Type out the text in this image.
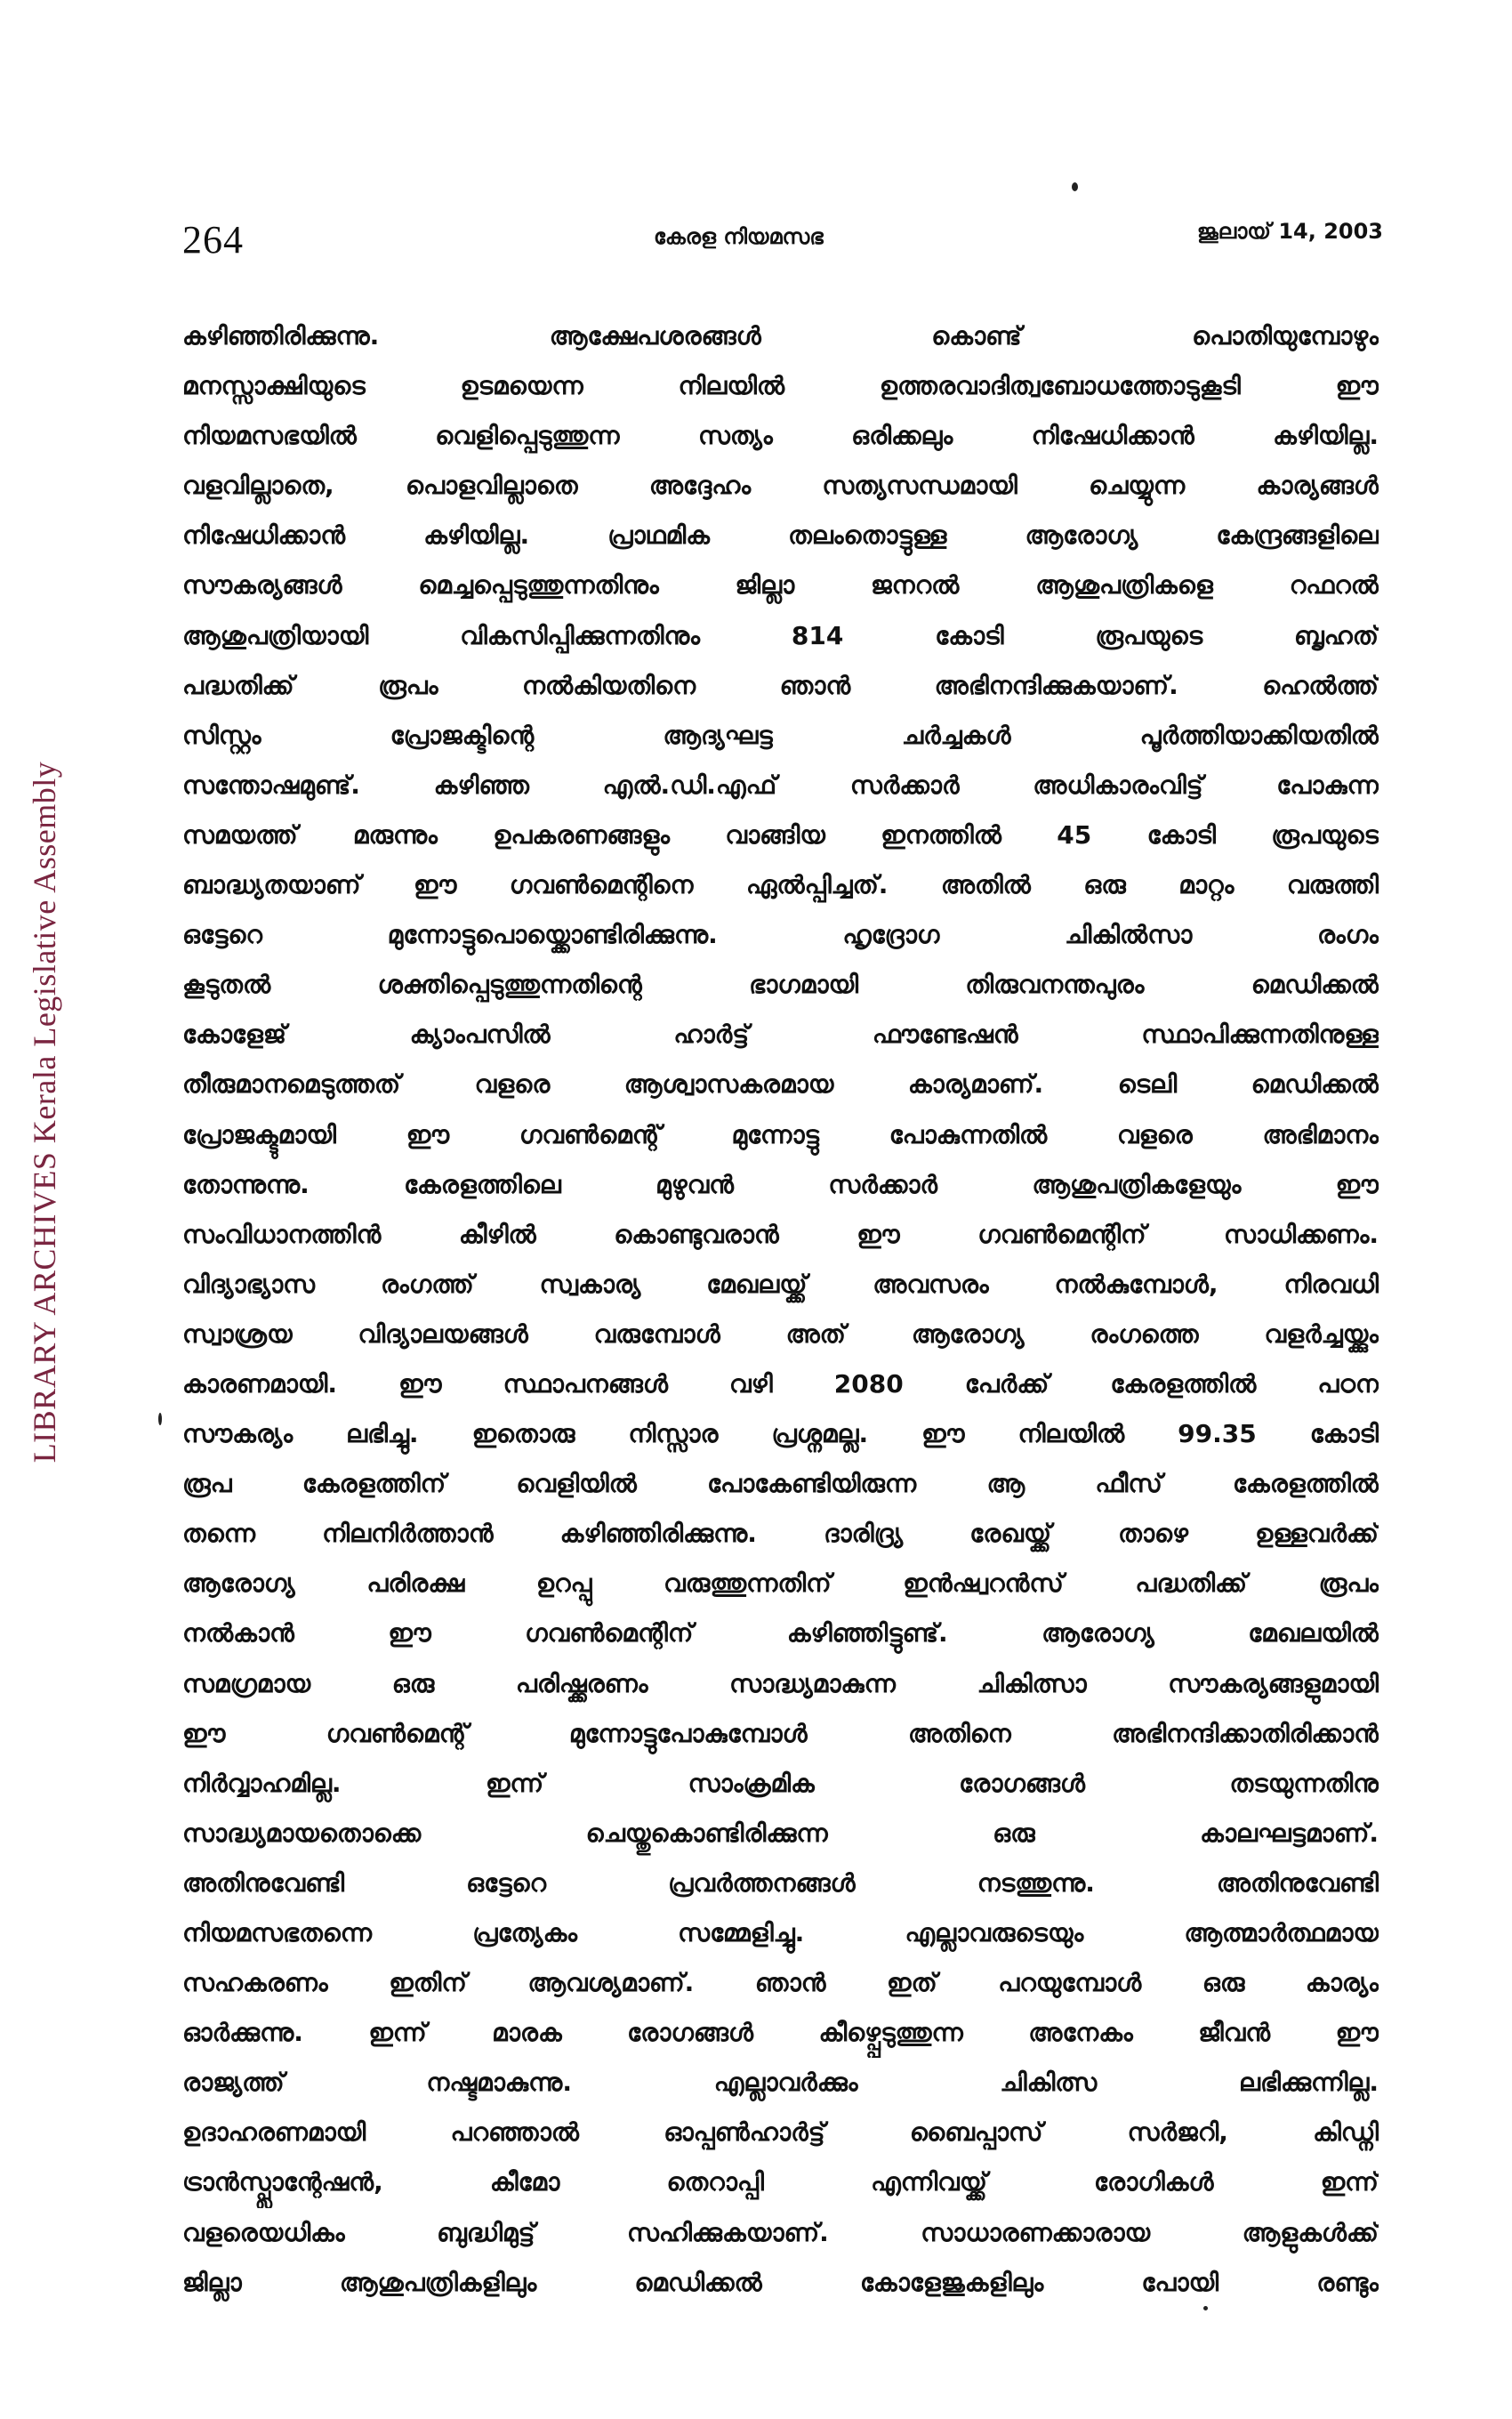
264	കേരള നിയമസഭ	ജൂലായ് 14, 2003
LIBRARY ARCHIVES Kerala Legislative Assembly
കഴിഞ്ഞിരിക്കുന്നു. ആക്ഷേപശരങ്ങൾ കൊണ്ട് പൊതിയുമ്പോഴും
മനസ്സാക്ഷിയുടെ ഉടമയെന്ന നിലയിൽ ഉത്തരവാദിത്വബോധത്തോടുകൂടി ഈ
നിയമസഭയിൽ വെളിപ്പെടുത്തുന്ന സത്യം ഒരിക്കലും നിഷേധിക്കാൻ കഴിയില്ല.
വളവില്ലാതെ, പൊളവില്ലാതെ അദ്ദേഹം സത്യസന്ധമായി ചെയ്യുന്ന കാര്യങ്ങൾ
നിഷേധിക്കാൻ കഴിയില്ല. പ്രാഥമിക തലംതൊട്ടുള്ള ആരോഗ്യ കേന്ദ്രങ്ങളിലെ
സൗകര്യങ്ങൾ മെച്ചപ്പെടുത്തുന്നതിനും ജില്ലാ ജനറൽ ആശുപത്രികളെ റഫറൽ
ആശുപത്രിയായി വികസിപ്പിക്കുന്നതിനും 814 കോടി രൂപയുടെ ബൃഹത്
പദ്ധതിക്ക് രൂപം നൽകിയതിനെ ഞാൻ അഭിനന്ദിക്കുകയാണ്. ഹെൽത്ത്
സിസ്റ്റം പ്രോജക്ടിന്റെ ആദ്യഘട്ട ചർച്ചകൾ പൂർത്തിയാക്കിയതിൽ
സന്തോഷമുണ്ട്. കഴിഞ്ഞ എൽ.ഡി.എഫ് സർക്കാർ അധികാരംവിട്ട് പോകുന്ന
സമയത്ത് മരുന്നും ഉപകരണങ്ങളും വാങ്ങിയ ഇനത്തിൽ 45 കോടി രൂപയുടെ
ബാദ്ധ്യതയാണ് ഈ ഗവൺമെന്റിനെ ഏൽപ്പിച്ചത്. അതിൽ ഒരു മാറ്റം വരുത്തി
ഒട്ടേറെ മുന്നോട്ടുപൊയ്ക്കൊണ്ടിരിക്കുന്നു. ഹൃദ്രോഗ ചികിൽസാ രംഗം
കൂടുതൽ ശക്തിപ്പെടുത്തുന്നതിന്റെ ഭാഗമായി തിരുവനന്തപുരം മെഡിക്കൽ
കോളേജ് ക്യാംപസിൽ ഹാർട്ട് ഫൗണ്ടേഷൻ സ്ഥാപിക്കുന്നതിനുള്ള
തീരുമാനമെടുത്തത് വളരെ ആശ്വാസകരമായ കാര്യമാണ്. ടെലി മെഡിക്കൽ
പ്രോജക്ടുമായി ഈ ഗവൺമെന്റ് മുന്നോട്ടു പോകുന്നതിൽ വളരെ അഭിമാനം
തോന്നുന്നു. കേരളത്തിലെ മുഴുവൻ സർക്കാർ ആശുപത്രികളേയും ഈ
സംവിധാനത്തിൻ കീഴിൽ കൊണ്ടുവരാൻ ഈ ഗവൺമെന്റിന് സാധിക്കണം.
വിദ്യാഭ്യാസ രംഗത്ത് സ്വകാര്യ മേഖലയ്ക്ക് അവസരം നൽകുമ്പോൾ, നിരവധി
സ്വാശ്രയ വിദ്യാലയങ്ങൾ വരുമ്പോൾ അത് ആരോഗ്യ രംഗത്തെ വളർച്ചയ്ക്കും
കാരണമായി. ഈ സ്ഥാപനങ്ങൾ വഴി 2080 പേർക്ക് കേരളത്തിൽ പഠന
സൗകര്യം ലഭിച്ചു. ഇതൊരു നിസ്സാര പ്രശ്നമല്ല. ഈ നിലയിൽ 99.35 കോടി
രൂപ കേരളത്തിന് വെളിയിൽ പോകേണ്ടിയിരുന്ന ആ ഫീസ് കേരളത്തിൽ
തന്നെ നിലനിർത്താൻ കഴിഞ്ഞിരിക്കുന്നു. ദാരിദ്ര്യ രേഖയ്ക്ക് താഴെ ഉള്ളവർക്ക്
ആരോഗ്യ പരിരക്ഷ ഉറപ്പു വരുത്തുന്നതിന് ഇൻഷ്വറൻസ് പദ്ധതിക്ക് രൂപം
നൽകാൻ ഈ ഗവൺമെന്റിന് കഴിഞ്ഞിട്ടുണ്ട്. ആരോഗ്യ മേഖലയിൽ
സമഗ്രമായ ഒരു പരിഷ്ക്കരണം സാദ്ധ്യമാകുന്ന ചികിത്സാ സൗകര്യങ്ങളുമായി
ഈ ഗവൺമെന്റ് മുന്നോട്ടുപോകുമ്പോൾ അതിനെ അഭിനന്ദിക്കാതിരിക്കാൻ
നിർവ്വാഹമില്ല. ഇന്ന് സാംക്രമിക രോഗങ്ങൾ തടയുന്നതിനു
സാദ്ധ്യമായതൊക്കെ ചെയ്തുകൊണ്ടിരിക്കുന്ന ഒരു കാലഘട്ടമാണ്.
അതിനുവേണ്ടി ഒട്ടേറെ പ്രവർത്തനങ്ങൾ നടത്തുന്നു. അതിനുവേണ്ടി
നിയമസഭതന്നെ പ്രത്യേകം സമ്മേളിച്ചു. എല്ലാവരുടെയും ആത്മാർത്ഥമായ
സഹകരണം ഇതിന് ആവശ്യമാണ്. ഞാൻ ഇത് പറയുമ്പോൾ ഒരു കാര്യം
ഓർക്കുന്നു. ഇന്ന് മാരക രോഗങ്ങൾ കീഴ്പ്പെടുത്തുന്ന അനേകം ജീവൻ ഈ
രാജ്യത്ത് നഷ്ടമാകുന്നു. എല്ലാവർക്കും ചികിത്സ ലഭിക്കുന്നില്ല.
ഉദാഹരണമായി പറഞ്ഞാൽ ഓപ്പൺഹാർട്ട് ബൈപ്പാസ് സർജറി, കിഡ്നി
ട്രാൻസ്പ്ലാന്റേഷൻ, കീമോ തെറാപ്പി എന്നിവയ്ക്ക് രോഗികൾ ഇന്ന്
വളരെയധികം ബുദ്ധിമുട്ട് സഹിക്കുകയാണ്. സാധാരണക്കാരായ ആളുകൾക്ക്
ജില്ലാ ആശുപത്രികളിലും മെഡിക്കൽ കോളേജുകളിലും പോയി രണ്ടും
